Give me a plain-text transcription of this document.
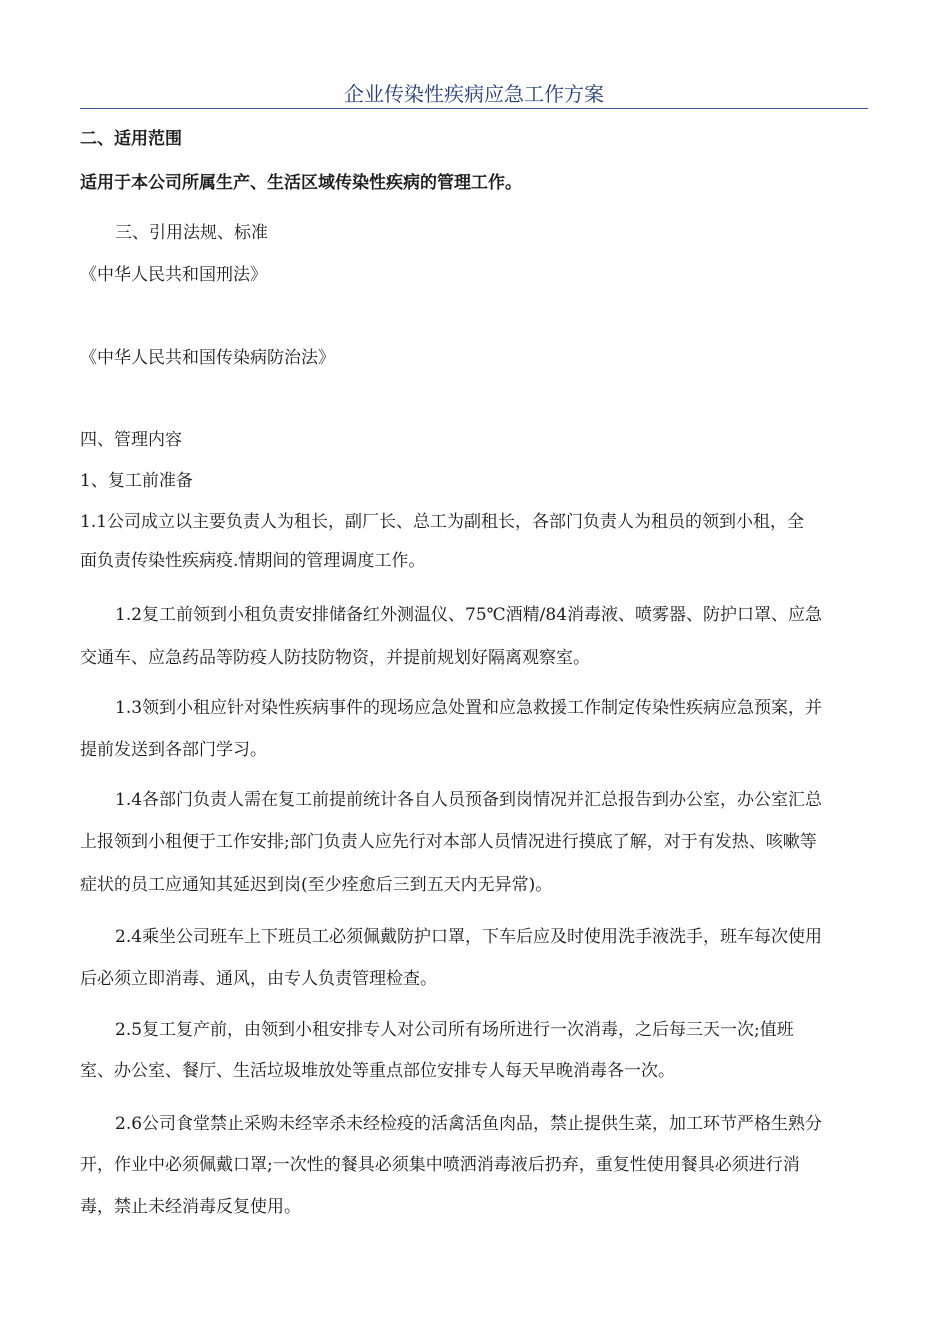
企业传染性疾病应急工作方案
二、适用范围
适用于本公司所属生产、生活区域传染性疾病的管理工作。
三、引用法规、标准
《中华人民共和国刑法》
《中华人民共和国传染病防治法》
四、管理内容
1、复工前准备
1.1公司成立以主要负责人为租长，副厂长、总工为副租长，各部门负责人为租员的领到小租，全
面负责传染性疾病疫.情期间的管理调度工作。
1.2复工前领到小租负责安排储备红外测温仪、75℃酒精/84消毒液、喷雾器、防护口罩、应急
交通车、应急药品等防疫人防技防物资，并提前规划好隔离观察室。
1.3领到小租应针对染性疾病事件的现场应急处置和应急救援工作制定传染性疾病应急预案，并
提前发送到各部门学习。
1.4各部门负责人需在复工前提前统计各自人员预备到岗情况并汇总报告到办公室，办公室汇总
上报领到小租便于工作安排;部门负责人应先行对本部人员情况进行摸底了解，对于有发热、咳嗽等
症状的员工应通知其延迟到岗(至少痊愈后三到五天内无异常)。
2.4乘坐公司班车上下班员工必须佩戴防护口罩，下车后应及时使用洗手液洗手，班车每次使用
后必须立即消毒、通风，由专人负责管理检查。
2.5复工复产前，由领到小租安排专人对公司所有场所进行一次消毒，之后每三天一次;值班
室、办公室、餐厅、生活垃圾堆放处等重点部位安排专人每天早晚消毒各一次。
2.6公司食堂禁止采购未经宰杀未经检疫的活禽活鱼肉品，禁止提供生菜，加工环节严格生熟分
开，作业中必须佩戴口罩;一次性的餐具必须集中喷洒消毒液后扔弃，重复性使用餐具必须进行消
毒，禁止未经消毒反复使用。
